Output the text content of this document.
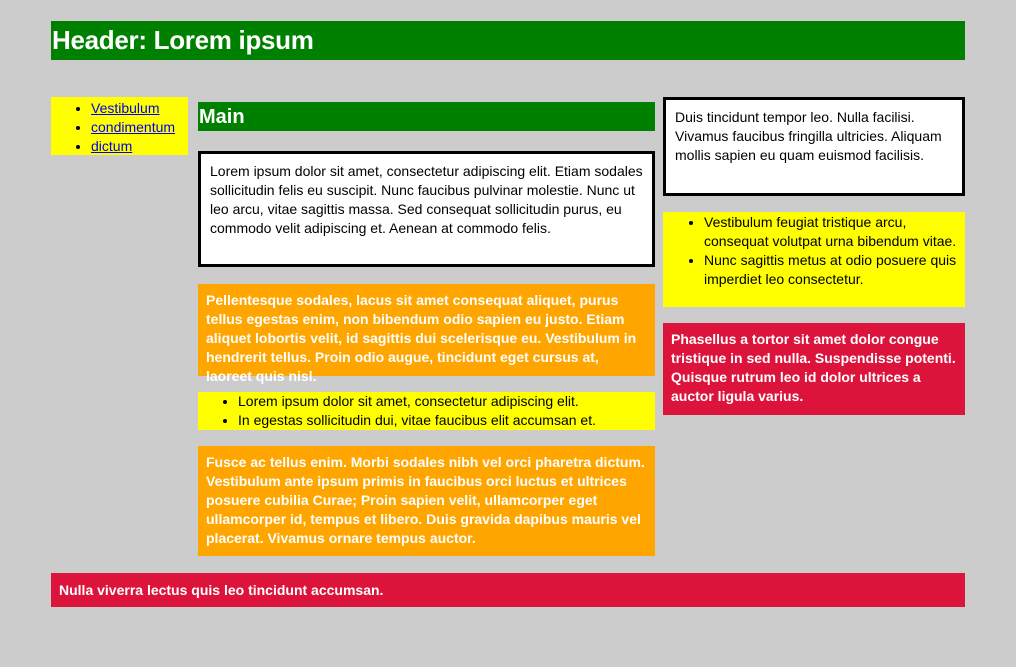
Header: Lorem ipsum
• Vestibulum
• condimentum
• dictum
Main

Lorem ipsum dolor sit amet, consectetur adipiscing elit. Etiam sodales sollicitudin felis eu suscipit. Nunc faucibus pulvinar molestie. Nunc ut leo arcu, vitae sagittis massa. Sed consequat sollicitudin purus, eu commodo velit adipiscing et. Aenean at commodo felis.

Pellentesque sodales, lacus sit amet consequat aliquet, purus tellus egestas enim, non bibendum odio sapien eu justo. Etiam aliquet lobortis velit, id sagittis dui scelerisque eu. Vestibulum in hendrerit tellus. Proin odio augue, tincidunt eget cursus at, laoreet quis nisl.

• Lorem ipsum dolor sit amet, consectetur adipiscing elit.
• In egestas sollicitudin dui, vitae faucibus elit accumsan et.

Fusce ac tellus enim. Morbi sodales nibh vel orci pharetra dictum. Vestibulum ante ipsum primis in faucibus orci luctus et ultrices posuere cubilia Curae; Proin sapien velit, ullamcorper eget ullamcorper id, tempus et libero. Duis gravida dapibus mauris vel placerat. Vivamus ornare tempus auctor.

Duis tincidunt tempor leo. Nulla facilisi. Vivamus faucibus fringilla ultricies. Aliquam mollis sapien eu quam euismod facilisis.

• Vestibulum feugiat tristique arcu, consequat volutpat urna bibendum vitae.
• Nunc sagittis metus at odio posuere quis imperdiet leo consectetur.

Phasellus a tortor sit amet dolor congue tristique in sed nulla. Suspendisse potenti. Quisque rutrum leo id dolor ultrices a auctor ligula varius.

Nulla viverra lectus quis leo tincidunt accumsan.
